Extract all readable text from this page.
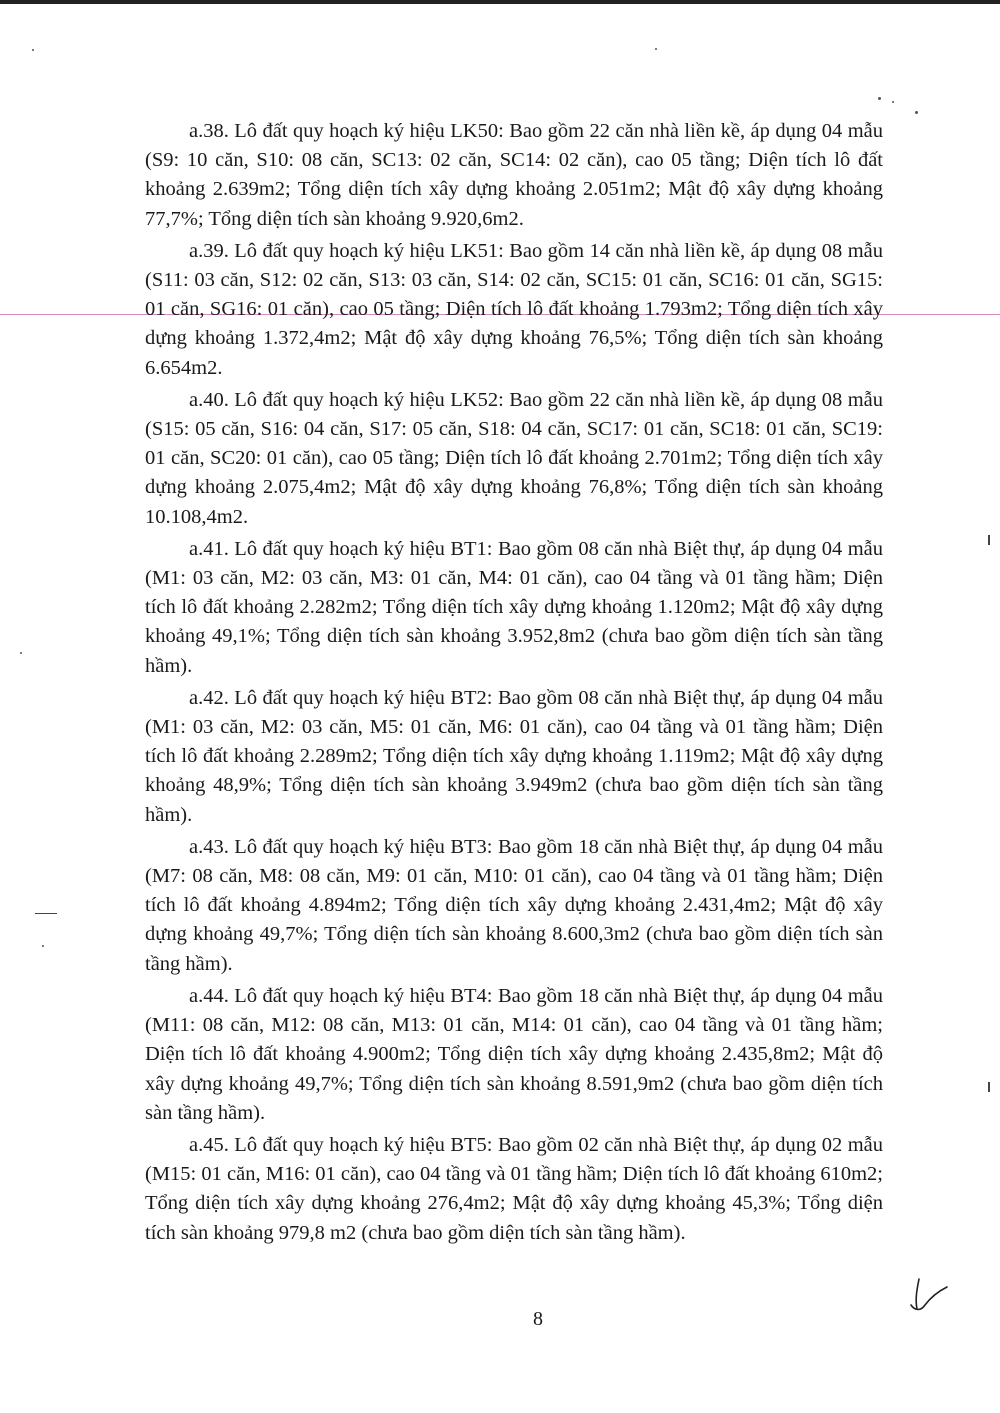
a.38. Lô đất quy hoạch ký hiệu LK50: Bao gồm 22 căn nhà liền kề, áp dụng 04 mẫu (S9: 10 căn, S10: 08 căn, SC13: 02 căn, SC14: 02 căn), cao 05 tầng; Diện tích lô đất khoảng 2.639m2; Tổng diện tích xây dựng khoảng 2.051m2; Mật độ xây dựng khoảng 77,7%; Tổng diện tích sàn khoảng 9.920,6m2.

a.39. Lô đất quy hoạch ký hiệu LK51: Bao gồm 14 căn nhà liền kề, áp dụng 08 mẫu (S11: 03 căn, S12: 02 căn, S13: 03 căn, S14: 02 căn, SC15: 01 căn, SC16: 01 căn, SG15: 01 căn, SG16: 01 căn), cao 05 tầng; Diện tích lô đất khoảng 1.793m2; Tổng diện tích xây dựng khoảng 1.372,4m2; Mật độ xây dựng khoảng 76,5%; Tổng diện tích sàn khoảng 6.654m2.

a.40. Lô đất quy hoạch ký hiệu LK52: Bao gồm 22 căn nhà liền kề, áp dụng 08 mẫu (S15: 05 căn, S16: 04 căn, S17: 05 căn, S18: 04 căn, SC17: 01 căn, SC18: 01 căn, SC19: 01 căn, SC20: 01 căn), cao 05 tầng; Diện tích lô đất khoảng 2.701m2; Tổng diện tích xây dựng khoảng 2.075,4m2; Mật độ xây dựng khoảng 76,8%; Tổng diện tích sàn khoảng 10.108,4m2.

a.41. Lô đất quy hoạch ký hiệu BT1: Bao gồm 08 căn nhà Biệt thự, áp dụng 04 mẫu (M1: 03 căn, M2: 03 căn, M3: 01 căn, M4: 01 căn), cao 04 tầng và 01 tầng hầm; Diện tích lô đất khoảng 2.282m2; Tổng diện tích xây dựng khoảng 1.120m2; Mật độ xây dựng khoảng 49,1%; Tổng diện tích sàn khoảng 3.952,8m2 (chưa bao gồm diện tích sàn tầng hầm).

a.42. Lô đất quy hoạch ký hiệu BT2: Bao gồm 08 căn nhà Biệt thự, áp dụng 04 mẫu (M1: 03 căn, M2: 03 căn, M5: 01 căn, M6: 01 căn), cao 04 tầng và 01 tầng hầm; Diện tích lô đất khoảng 2.289m2; Tổng diện tích xây dựng khoảng 1.119m2; Mật độ xây dựng khoảng 48,9%; Tổng diện tích sàn khoảng 3.949m2 (chưa bao gồm diện tích sàn tầng hầm).

a.43. Lô đất quy hoạch ký hiệu BT3: Bao gồm 18 căn nhà Biệt thự, áp dụng 04 mẫu (M7: 08 căn, M8: 08 căn, M9: 01 căn, M10: 01 căn), cao 04 tầng và 01 tầng hầm; Diện tích lô đất khoảng 4.894m2; Tổng diện tích xây dựng khoảng 2.431,4m2; Mật độ xây dựng khoảng 49,7%; Tổng diện tích sàn khoảng 8.600,3m2 (chưa bao gồm diện tích sàn tầng hầm).

a.44. Lô đất quy hoạch ký hiệu BT4: Bao gồm 18 căn nhà Biệt thự, áp dụng 04 mẫu (M11: 08 căn, M12: 08 căn, M13: 01 căn, M14: 01 căn), cao 04 tầng và 01 tầng hầm; Diện tích lô đất khoảng 4.900m2; Tổng diện tích xây dựng khoảng 2.435,8m2; Mật độ xây dựng khoảng 49,7%; Tổng diện tích sàn khoảng 8.591,9m2 (chưa bao gồm diện tích sàn tầng hầm).

a.45. Lô đất quy hoạch ký hiệu BT5: Bao gồm 02 căn nhà Biệt thự, áp dụng 02 mẫu (M15: 01 căn, M16: 01 căn), cao 04 tầng và 01 tầng hầm; Diện tích lô đất khoảng 610m2; Tổng diện tích xây dựng khoảng 276,4m2; Mật độ xây dựng khoảng 45,3%; Tổng diện tích sàn khoảng 979,8 m2 (chưa bao gồm diện tích sàn tầng hầm).

8
